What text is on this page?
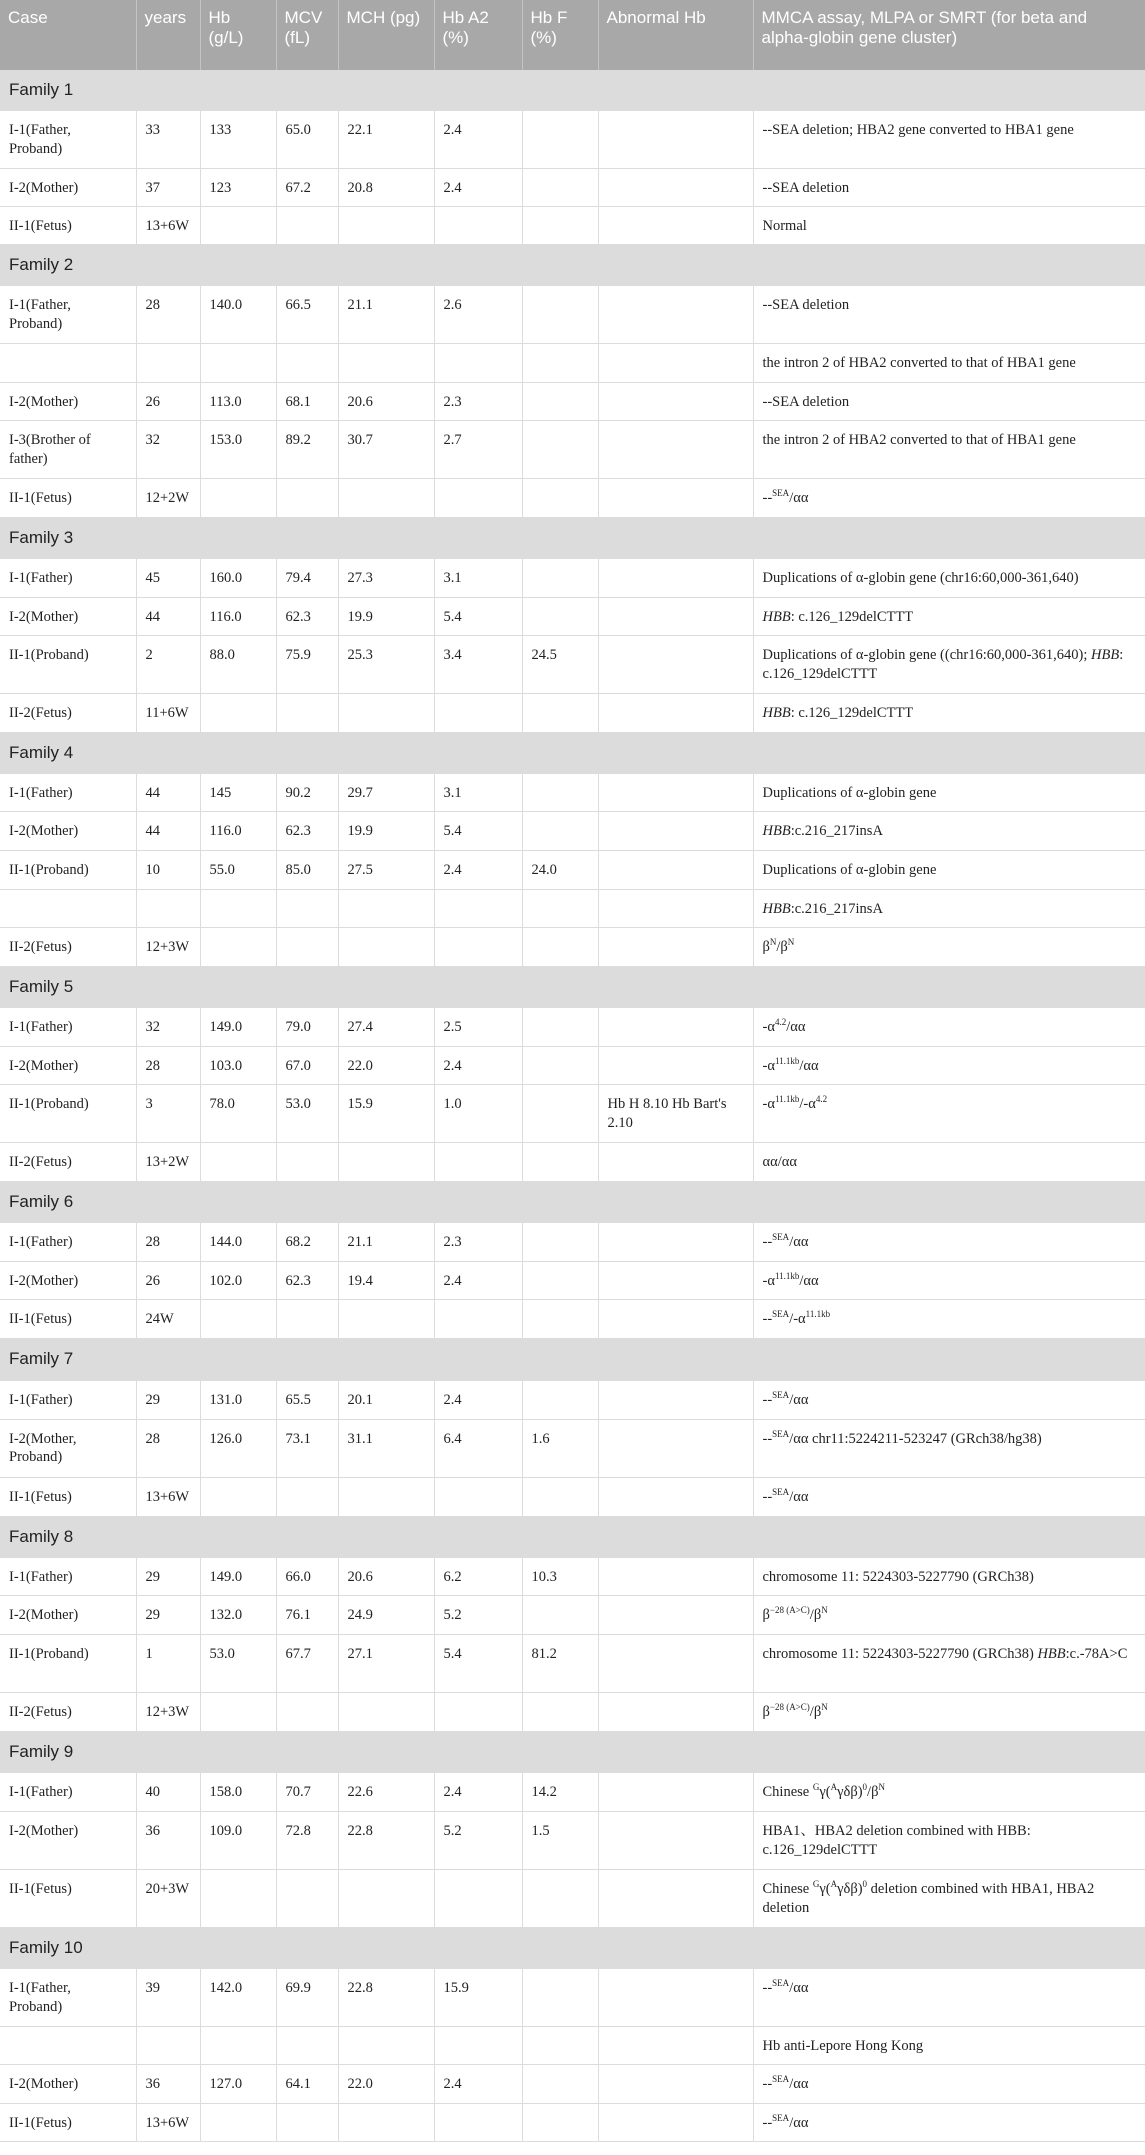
Case	years	Hb (g/L)	MCV (fL)	MCH (pg)	Hb A2 (%)	Hb F (%)	Abnormal Hb	MMCA assay, MLPA or SMRT (for beta and alpha-globin gene cluster)
Family 1								
I-1(Father, Proband)	33	133	65.0	22.1	2.4			--SEA deletion; HBA2 gene converted to HBA1 gene
I-2(Mother)	37	123	67.2	20.8	2.4			--SEA deletion
II-1(Fetus)	13+6W							Normal
Family 2								
I-1(Father, Proband)	28	140.0	66.5	21.1	2.6			--SEA deletion
								the intron 2 of HBA2 converted to that of HBA1 gene
I-2(Mother)	26	113.0	68.1	20.6	2.3			--SEA deletion
I-3(Brother of father)	32	153.0	89.2	30.7	2.7			the intron 2 of HBA2 converted to that of HBA1 gene
II-1(Fetus)	12+2W							--$^{SEA}$/αα
Family 3								
I-1(Father)	45	160.0	79.4	27.3	3.1			Duplications of α-globin gene (chr16:60,000-361,640)
I-2(Mother)	44	116.0	62.3	19.9	5.4			HBB: c.126_129delCTTT
II-1(Proband)	2	88.0	75.9	25.3	3.4	24.5		Duplications of α-globin gene ((chr16:60,000-361,640); HBB: c.126_129delCTTT
II-2(Fetus)	11+6W							HBB: c.126_129delCTTT
Family 4								
I-1(Father)	44	145	90.2	29.7	3.1			Duplications of α-globin gene
I-2(Mother)	44	116.0	62.3	19.9	5.4			HBB:c.216_217insA
II-1(Proband)	10	55.0	85.0	27.5	2.4	24.0		Duplications of α-globin gene
								HBB:c.216_217insA
II-2(Fetus)	12+3W							$\beta^N/\beta^N$
Family 5								
I-1(Father)	32	149.0	79.0	27.4	2.5			$-\alpha^{4.2}/\alpha\alpha$
I-2(Mother)	28	103.0	67.0	22.0	2.4			$-\alpha^{11.1kb}/\alpha\alpha$
II-1(Proband)	3	78.0	53.0	15.9	1.0		Hb H 8.10 Hb Bart's 2.10	$-\alpha^{11.1kb}/-\alpha^{4.2}$
II-2(Fetus)	13+2W							αα/αα
Family 6								
I-1(Father)	28	144.0	68.2	21.1	2.3			--$^{SEA}$/αα
I-2(Mother)	26	102.0	62.3	19.4	2.4			$-\alpha^{11.1kb}/\alpha\alpha$
II-1(Fetus)	24W							$--^{SEA}/-\alpha^{11.1kb}$
Family 7								
I-1(Father)	29	131.0	65.5	20.1	2.4			--$^{SEA}$/αα
I-2(Mother, Proband)	28	126.0	73.1	31.1	6.4	1.6		--$^{SEA}$/αα chr11:5224211-523247 (GRch38/hg38)
II-1(Fetus)	13+6W							--$^{SEA}$/αα
Family 8								
I-1(Father)	29	149.0	66.0	20.6	6.2	10.3		chromosome 11: 5224303-5227790 (GRCh38)
I-2(Mother)	29	132.0	76.1	24.9	5.2			$\beta^{-28 (A>C)}/\beta^N$
II-1(Proband)	1	53.0	67.7	27.1	5.4	81.2		chromosome 11: 5224303-5227790 (GRCh38) HBB:c.-78A>C
II-2(Fetus)	12+3W							$\beta^{-28 (A>C)}/\beta^N$
Family 9								
I-1(Father)	40	158.0	70.7	22.6	2.4	14.2		Chinese $^G\gamma(^A\gamma\delta\beta)^0/\beta^N$
I-2(Mother)	36	109.0	72.8	22.8	5.2	1.5		HBA1、HBA2 deletion combined with HBB: c.126_129delCTTT
II-1(Fetus)	20+3W							Chinese $^G\gamma(^A\gamma\delta\beta)^0$ deletion combined with HBA1, HBA2 deletion
Family 10								
I-1(Father, Proband)	39	142.0	69.9	22.8	15.9			--$^{SEA}$/αα
								Hb anti-Lepore Hong Kong
I-2(Mother)	36	127.0	64.1	22.0	2.4			--$^{SEA}$/αα
II-1(Fetus)	13+6W							--$^{SEA}$/αα
